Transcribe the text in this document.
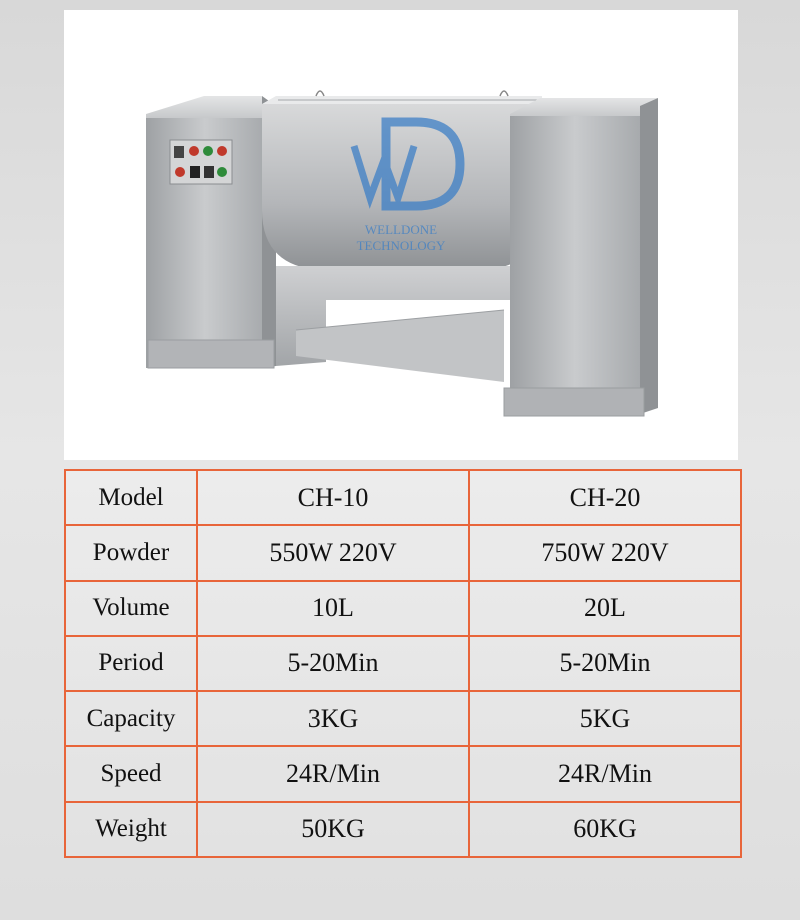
WELLDONE
TECHNOLOGY
Model	CH-10	CH-20
Powder	550W 220V	750W 220V
Volume	10L	20L
Period	5-20Min	5-20Min
Capacity	3KG	5KG
Speed	24R/Min	24R/Min
Weight	50KG	60KG
